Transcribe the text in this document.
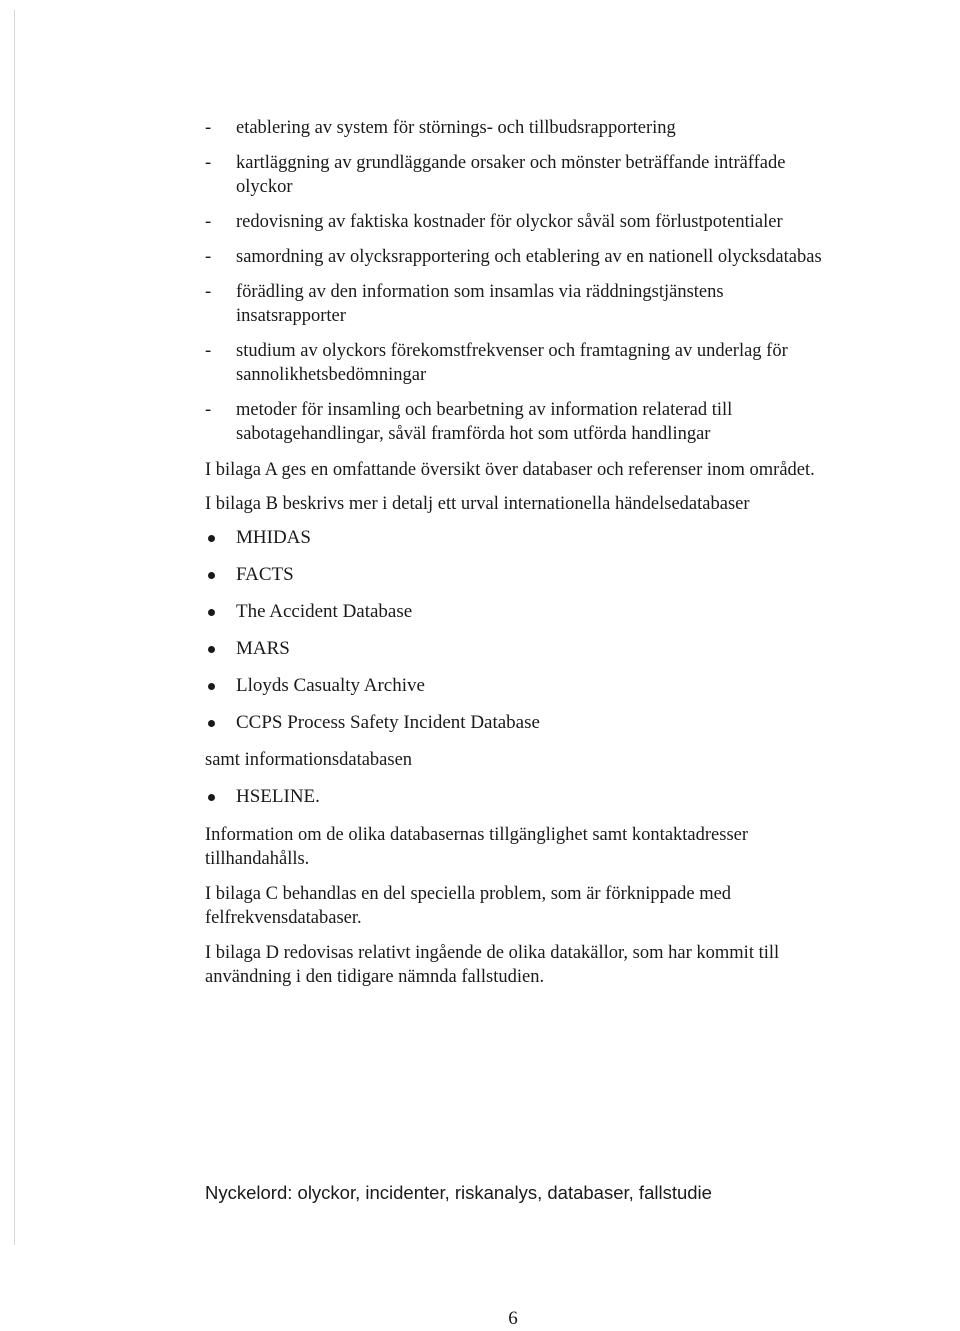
- etablering av system för störnings- och tillbudsrapportering
- kartläggning av grundläggande orsaker och mönster beträffande inträffade olyckor
- redovisning av faktiska kostnader för olyckor såväl som förlustpotentialer
- samordning av olycksrapportering och etablering av en nationell olycksdatabas
- förädling av den information som insamlas via räddningstjänstens insatsrapporter
- studium av olyckors förekomstfrekvenser och framtagning av underlag för sannolikhetsbedömningar
- metoder för insamling och bearbetning av information relaterad till sabotagehandlingar, såväl framförda hot som utförda handlingar

I bilaga A ges en omfattande översikt över databaser och referenser inom området.

I bilaga B beskrivs mer i detalj ett urval internationella händelsedatabaser

MHIDAS
FACTS
The Accident Database
MARS
Lloyds Casualty Archive
CCPS Process Safety Incident Database

samt informationsdatabasen

HSELINE.

Information om de olika databasernas tillgänglighet samt kontaktadresser tillhandahålls.

I bilaga C behandlas en del speciella problem, som är förknippade med felfrekvensdatabaser.

I bilaga D redovisas relativt ingående de olika datakällor, som har kommit till användning i den tidigare nämnda fallstudien.

Nyckelord: olyckor, incidenter, riskanalys, databaser, fallstudie
6
